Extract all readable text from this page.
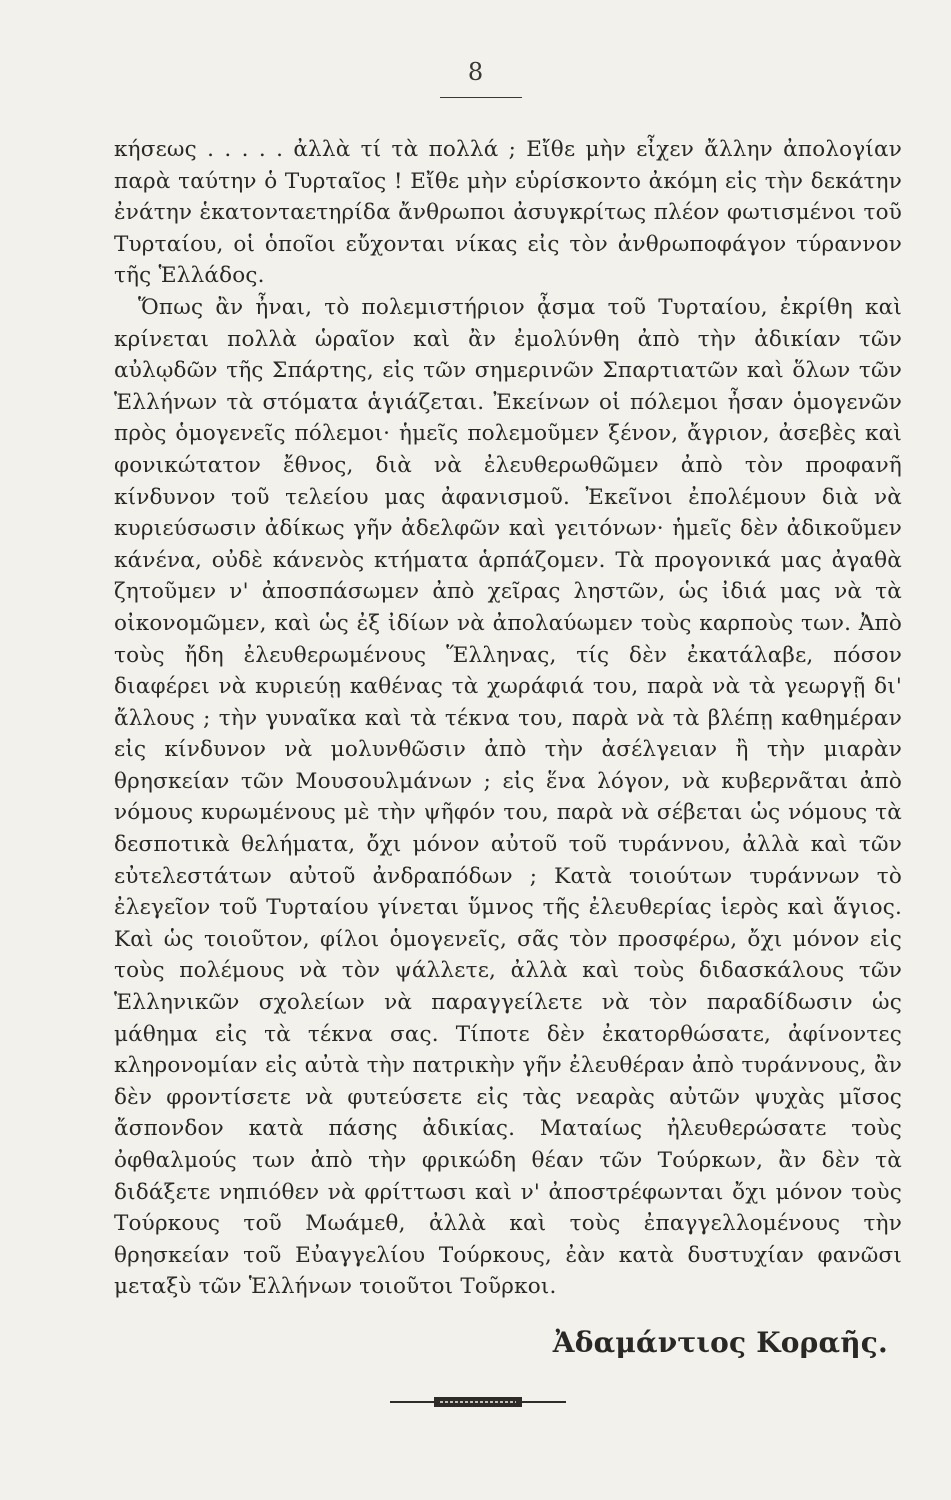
8

κήσεως . . . . . ἀλλὰ τί τὰ πολλά ; Εἴθε μὴν εἶχεν ἄλλην ἀπολογίαν παρὰ ταύτην ὁ Τυρταῖος ! Εἴθε μὴν εὑρίσκοντο ἀκόμη εἰς τὴν δεκάτην ἐνάτην ἑκατονταετηρίδα ἄνθρωποι ἀσυγκρίτως πλέον φωτισμένοι τοῦ Τυρταίου, οἱ ὁποῖοι εὔχονται νίκας εἰς τὸν ἀνθρωποφάγον τύραννον τῆς Ἑλλάδος.

Ὅπως ἂν ἦναι, τὸ πολεμιστήριον ᾆσμα τοῦ Τυρταίου, ἐκρίθη καὶ κρίνεται πολλὰ ὡραῖον καὶ ἂν ἐμολύνθη ἀπὸ τὴν ἀδικίαν τῶν αὐλῳδῶν τῆς Σπάρτης, εἰς τῶν σημερινῶν Σπαρτιατῶν καὶ ὅλων τῶν Ἑλλήνων τὰ στόματα ἁγιάζεται. Ἐκείνων οἱ πόλεμοι ἦσαν ὁμογενῶν πρὸς ὁμογενεῖς πόλεμοι· ἡμεῖς πολεμοῦμεν ξένον, ἄγριον, ἀσεβὲς καὶ φονικώτατον ἔθνος, διὰ νὰ ἐλευθερωθῶμεν ἀπὸ τὸν προφανῆ κίνδυνον τοῦ τελείου μας ἀφανισμοῦ. Ἐκεῖνοι ἐπολέμουν διὰ νὰ κυριεύσωσιν ἀδίκως γῆν ἀδελφῶν καὶ γειτόνων· ἡμεῖς δὲν ἀδικοῦμεν κάνένα, οὐδὲ κάνενὸς κτήματα ἁρπάζομεν. Τὰ προγονικά μας ἀγαθὰ ζητοῦμεν ν' ἀποσπάσωμεν ἀπὸ χεῖρας ληστῶν, ὡς ἰδιά μας νὰ τὰ οἰκονομῶμεν, καὶ ὡς ἐξ ἰδίων νὰ ἀπολαύωμεν τοὺς καρποὺς των. Ἀπὸ τοὺς ἤδη ἐλευθερωμένους Ἕλληνας, τίς δὲν ἐκατάλαβε, πόσον διαφέρει νὰ κυριεύῃ καθένας τὰ χωράφιά του, παρὰ νὰ τὰ γεωργῇ δι' ἄλλους ; τὴν γυναῖκα καὶ τὰ τέκνα του, παρὰ νὰ τὰ βλέπῃ καθημέραν εἰς κίνδυνον νὰ μολυνθῶσιν ἀπὸ τὴν ἀσέλγειαν ἢ τὴν μιαρὰν θρησκείαν τῶν Μουσουλμάνων ; εἰς ἕνα λόγον, νὰ κυβερνᾶται ἀπὸ νόμους κυρωμένους μὲ τὴν ψῆφόν του, παρὰ νὰ σέβεται ὡς νόμους τὰ δεσποτικὰ θελήματα, ὄχι μόνον αὐτοῦ τοῦ τυράννου, ἀλλὰ καὶ τῶν εὐτελεστάτων αὐτοῦ ἀνδραπόδων ; Κατὰ τοιούτων τυράννων τὸ ἐλεγεῖον τοῦ Τυρταίου γίνεται ὕμνος τῆς ἐλευθερίας ἱερὸς καὶ ἅγιος. Καὶ ὡς τοιοῦτον, φίλοι ὁμογενεῖς, σᾶς τὸν προσφέρω, ὄχι μόνον εἰς τοὺς πολέμους νὰ τὸν ψάλλετε, ἀλλὰ καὶ τοὺς διδασκάλους τῶν Ἑλληνικῶν σχολείων νὰ παραγγείλετε νὰ τὸν παραδίδωσιν ὡς μάθημα εἰς τὰ τέκνα σας. Τίποτε δὲν ἐκατορθώσατε, ἀφίνοντες κληρονομίαν εἰς αὐτὰ τὴν πατρικὴν γῆν ἐλευθέραν ἀπὸ τυράννους, ἂν δὲν φροντίσετε νὰ φυτεύσετε εἰς τὰς νεαρὰς αὐτῶν ψυχὰς μῖσος ἄσπονδον κατὰ πάσης ἀδικίας. Ματαίως ἠλευθερώσατε τοὺς ὀφθαλμούς των ἀπὸ τὴν φρικώδη θέαν τῶν Τούρκων, ἂν δὲν τὰ διδάξετε νηπιόθεν νὰ φρίττωσι καὶ ν' ἀποστρέφωνται ὄχι μόνον τοὺς Τούρκους τοῦ Μωάμεθ, ἀλλὰ καὶ τοὺς ἐπαγγελλομένους τὴν θρησκείαν τοῦ Εὐαγγελίου Τούρκους, ἐὰν κατὰ δυστυχίαν φανῶσι μεταξὺ τῶν Ἑλλήνων τοιοῦτοι Τοῦρκοι.

Ἀδαμάντιος Κοραῆς.
